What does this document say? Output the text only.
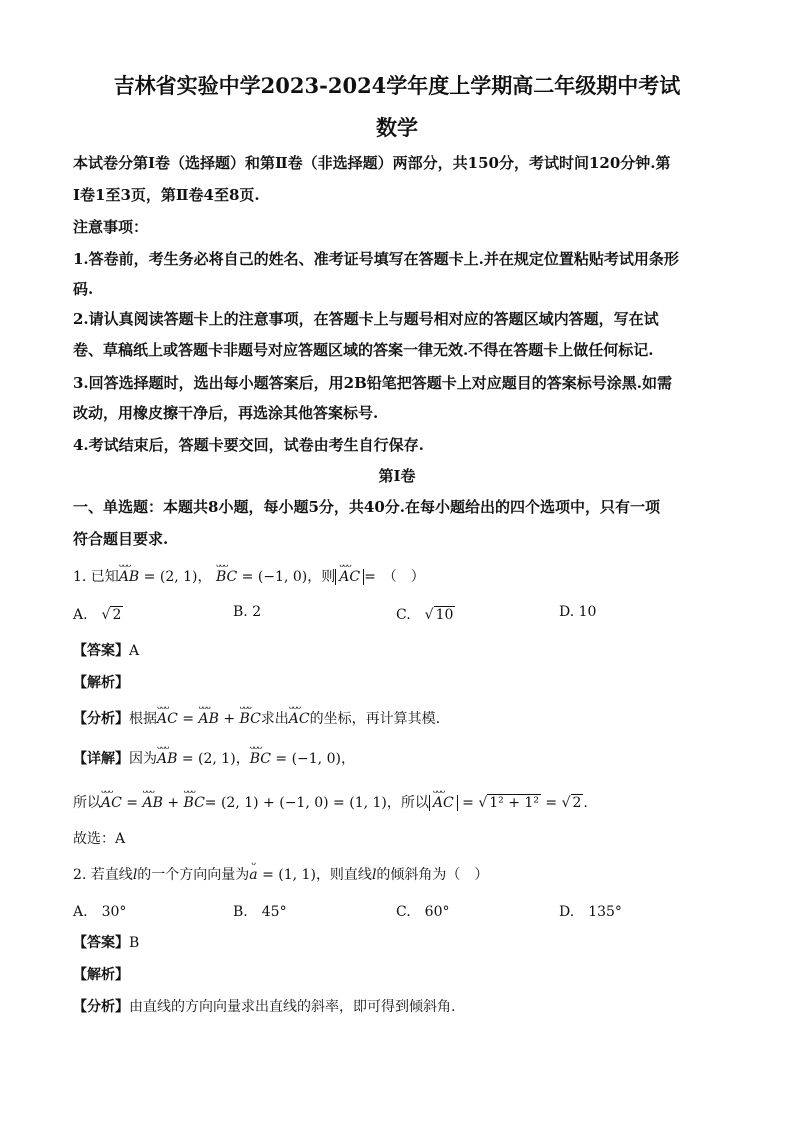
吉林省实验中学2023-2024学年度上学期高二年级期中考试
数学
本试卷分第Ⅰ卷（选择题）和第Ⅱ卷（非选择题）两部分，共150分，考试时间120分钟.第
Ⅰ卷1至3页，第Ⅱ卷4至8页.
注意事项：
1.答卷前，考生务必将自己的姓名、准考证号填写在答题卡上.并在规定位置粘贴考试用条形
码.
2.请认真阅读答题卡上的注意事项，在答题卡上与题号相对应的答题区域内答题，写在试
卷、草稿纸上或答题卡非题号对应答题区域的答案一律无效.不得在答题卡上做任何标记.
3.回答选择题时，选出每小题答案后，用2B铅笔把答题卡上对应题目的答案标号涂黑.如需
改动，用橡皮擦干净后，再选涂其他答案标号.
4.考试结束后，答题卡要交回，试卷由考生自行保存.
第Ⅰ卷
一、单选题：本题共8小题，每小题5分，共40分.在每小题给出的四个选项中，只有一项
符合题目要求.
1. 已知ᴗᴗᴗ AB = (2, 1)， ᴗᴗᴗ BC = (−1, 0)，则 ᴗᴗᴗ AC =　 （　）
A.　√ 2	B. 2	C.　√ 10	D. 10
【答案】A
【解析】
【分析】根据ᴗᴗᴗ AC = ᴗᴗᴗ AB + ᴗᴗᴗ BC求出ᴗᴗᴗ AC的坐标，再计算其模.
【详解】因为ᴗᴗᴗ AB = (2, 1)，ᴗᴗᴗ BC = (−1, 0)，
所以ᴗᴗᴗ AC = ᴗᴗᴗ AB + ᴗᴗᴗ BC= (2, 1) + (−1, 0) = (1, 1)，所以 ᴗᴗᴗ AC = √ 1² + 1² = √ 2 .
故选：A
2. 若直线l的一个方向向量为ᴗ a = (1, 1)，则直线l的倾斜角为（　）
A.　 30°	B.　 45°	C.　 60°	D.　 135°
【答案】B
【解析】
【分析】由直线的方向向量求出直线的斜率，即可得到倾斜角.
